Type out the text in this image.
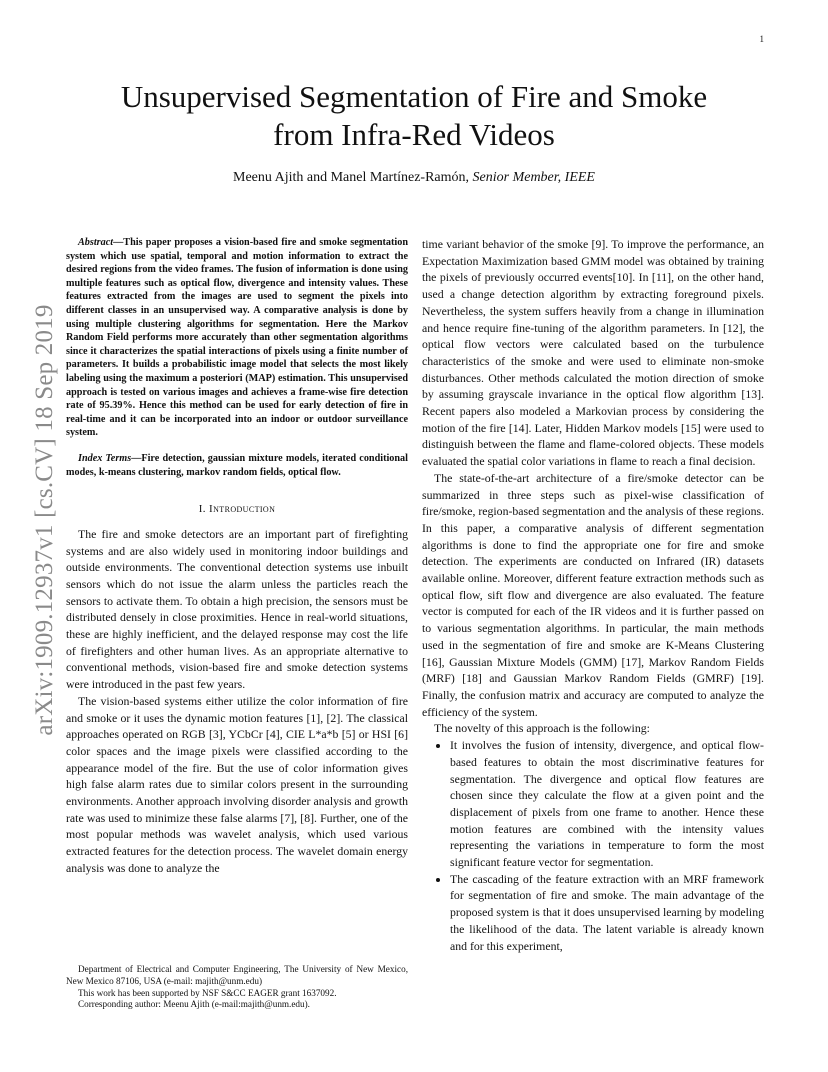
1
arXiv:1909.12937v1 [cs.CV] 18 Sep 2019
Unsupervised Segmentation of Fire and Smoke
from Infra-Red Videos
Meenu Ajith and Manel Martínez-Ramón, Senior Member, IEEE

Abstract—This paper proposes a vision-based fire and smoke segmentation system which use spatial, temporal and motion information to extract the desired regions from the video frames. The fusion of information is done using multiple features such as optical flow, divergence and intensity values. These features extracted from the images are used to segment the pixels into different classes in an unsupervised way. A comparative analysis is done by using multiple clustering algorithms for segmentation. Here the Markov Random Field performs more accurately than other segmentation algorithms since it characterizes the spatial interactions of pixels using a finite number of parameters. It builds a probabilistic image model that selects the most likely labeling using the maximum a posteriori (MAP) estimation. This unsupervised approach is tested on various images and achieves a frame-wise fire detection rate of 95.39%. Hence this method can be used for early detection of fire in real-time and it can be incorporated into an indoor or outdoor surveillance system.

Index Terms—Fire detection, gaussian mixture models, iterated conditional modes, k-means clustering, markov random fields, optical flow.

I. Introduction

The fire and smoke detectors are an important part of firefighting systems and are also widely used in monitoring indoor buildings and outside environments. The conventional detection systems use inbuilt sensors which do not issue the alarm unless the particles reach the sensors to activate them. To obtain a high precision, the sensors must be distributed densely in close proximities. Hence in real-world situations, these are highly inefficient, and the delayed response may cost the life of firefighters and other human lives. As an appropriate alternative to conventional methods, vision-based fire and smoke detection systems were introduced in the past few years.

The vision-based systems either utilize the color information of fire and smoke or it uses the dynamic motion features [1], [2]. The classical approaches operated on RGB [3], YCbCr [4], CIE L*a*b [5] or HSI [6] color spaces and the image pixels were classified according to the appearance model of the fire. But the use of color information gives high false alarm rates due to similar colors present in the surrounding environments. Another approach involving disorder analysis and growth rate was used to minimize these false alarms [7], [8]. Further, one of the most popular methods was wavelet analysis, which used various extracted features for the detection process. The wavelet domain energy analysis was done to analyze the

time variant behavior of the smoke [9]. To improve the performance, an Expectation Maximization based GMM model was obtained by training the pixels of previously occurred events[10]. In [11], on the other hand, used a change detection algorithm by extracting foreground pixels. Nevertheless, the system suffers heavily from a change in illumination and hence require fine-tuning of the algorithm parameters. In [12], the optical flow vectors were calculated based on the turbulence characteristics of the smoke and were used to eliminate non-smoke disturbances. Other methods calculated the motion direction of smoke by assuming grayscale invariance in the optical flow algorithm [13]. Recent papers also modeled a Markovian process by considering the motion of the fire [14]. Later, Hidden Markov models [15] were used to distinguish between the flame and flame-colored objects. These models evaluated the spatial color variations in flame to reach a final decision.

The state-of-the-art architecture of a fire/smoke detector can be summarized in three steps such as pixel-wise classification of fire/smoke, region-based segmentation and the analysis of these regions. In this paper, a comparative analysis of different segmentation algorithms is done to find the appropriate one for fire and smoke detection. The experiments are conducted on Infrared (IR) datasets available online. Moreover, different feature extraction methods such as optical flow, sift flow and divergence are also evaluated. The feature vector is computed for each of the IR videos and it is further passed on to various segmentation algorithms. In particular, the main methods used in the segmentation of fire and smoke are K-Means Clustering [16], Gaussian Mixture Models (GMM) [17], Markov Random Fields (MRF) [18] and Gaussian Markov Random Fields (GMRF) [19]. Finally, the confusion matrix and accuracy are computed to analyze the efficiency of the system.

The novelty of this approach is the following:

• It involves the fusion of intensity, divergence, and optical flow-based features to obtain the most discriminative features for segmentation. The divergence and optical flow features are chosen since they calculate the flow at a given point and the displacement of pixels from one frame to another. Hence these motion features are combined with the intensity values representing the variations in temperature to form the most significant feature vector for segmentation.
• The cascading of the feature extraction with an MRF framework for segmentation of fire and smoke. The main advantage of the proposed system is that it does unsupervised learning by modeling the likelihood of the data. The latent variable is already known and for this experiment,

Department of Electrical and Computer Engineering, The University of New Mexico, New Mexico 87106, USA (e-mail: majith@unm.edu)

This work has been supported by NSF S&CC EAGER grant 1637092.

Corresponding author: Meenu Ajith (e-mail:majith@unm.edu).
